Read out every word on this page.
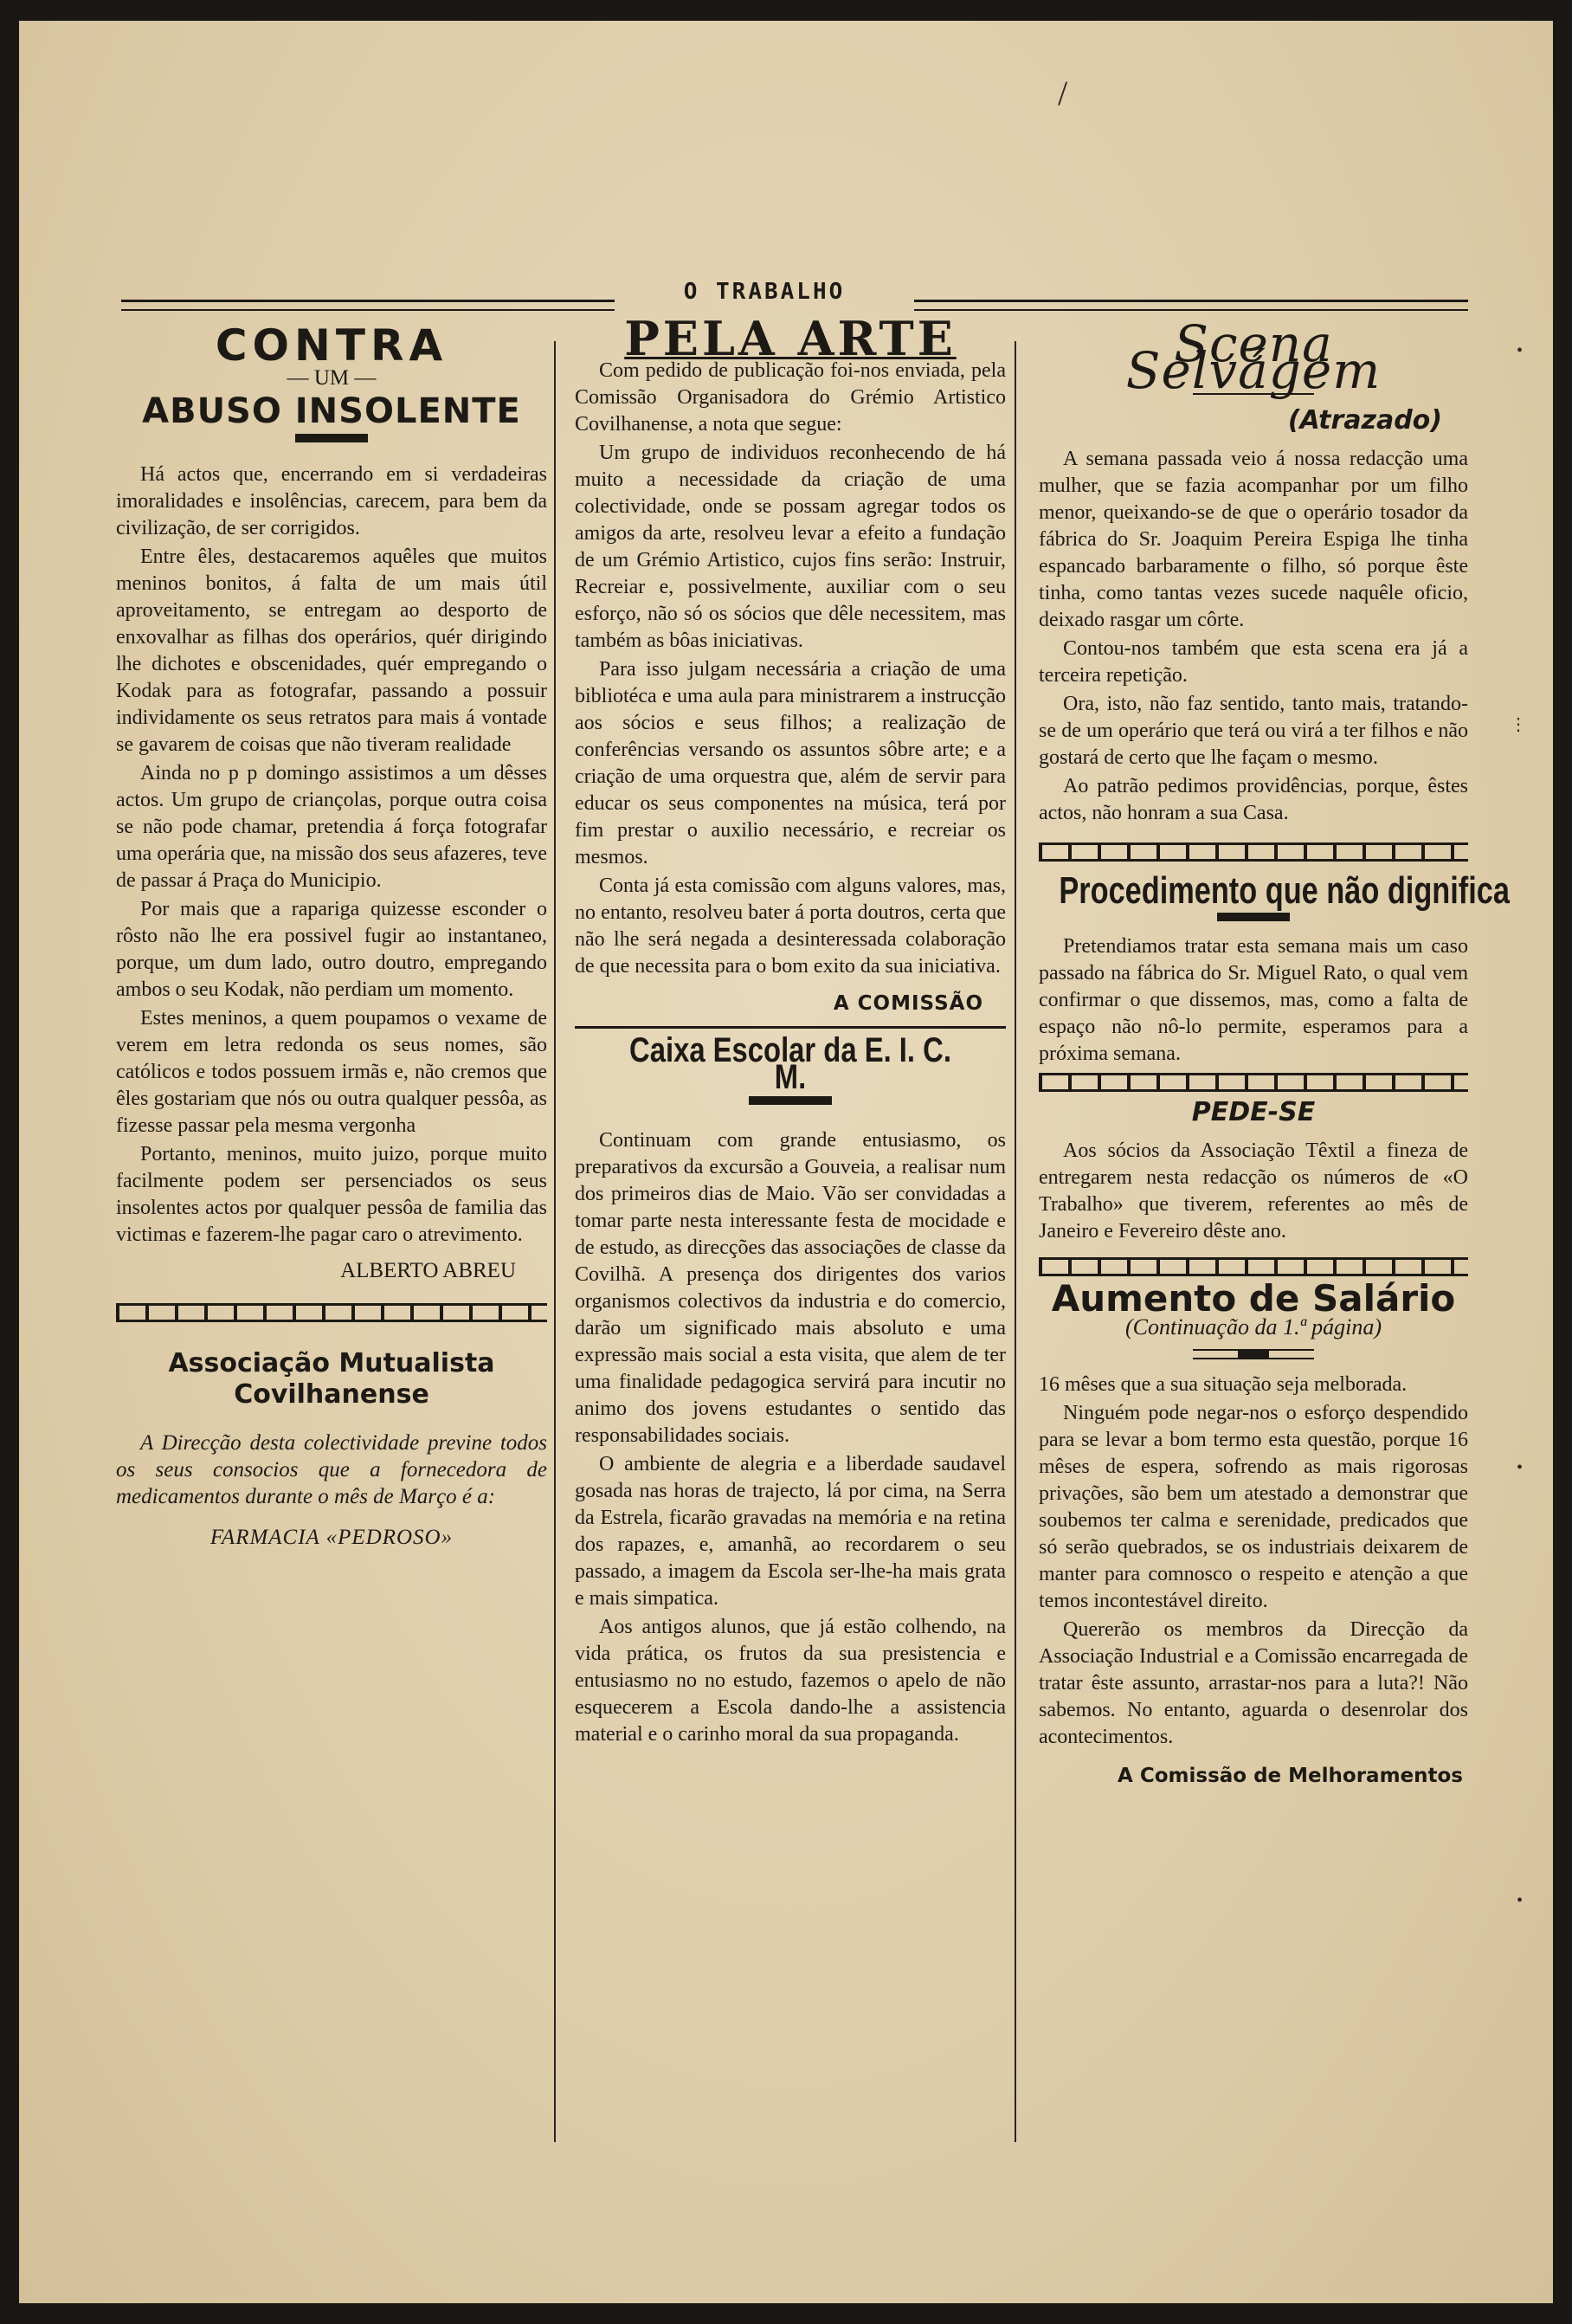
/
•
⋮
•
•
O TRABALHO
CONTRA
— UM —
ABUSO INSOLENTE

Há actos que, encerrando em si verdadeiras imoralidades e insolências, carecem, para bem da civilização, de ser corrigidos.

Entre êles, destacaremos aquêles que muitos meninos bonitos, á falta de um mais útil aproveitamento, se entregam ao desporto de enxovalhar as filhas dos operários, quér dirigindo lhe dichotes e obscenidades, quér empregando o Kodak para as fotografar, passando a possuir individamente os seus retratos para mais á vontade se gavarem de coisas que não tiveram realidade

Ainda no p p domingo assistimos a um dêsses actos. Um grupo de criançolas, porque outra coisa se não pode chamar, pretendia á força fotografar uma operária que, na missão dos seus afazeres, teve de passar á Praça do Municipio.

Por mais que a rapariga quizesse esconder o rôsto não lhe era possivel fugir ao instantaneo, porque, um dum lado, outro doutro, empregando ambos o seu Kodak, não perdiam um momento.

Estes meninos, a quem poupamos o vexame de verem em letra redonda os seus nomes, são católicos e todos possuem irmãs e, não cremos que êles gostariam que nós ou outra qualquer pessôa, as fizesse passar pela mesma vergonha

Portanto, meninos, muito juizo, porque muito facilmente podem ser persenciados os seus insolentes actos por qualquer pessôa de familia das victimas e fazerem-lhe pagar caro o atrevimento.

ALBERTO ABREU
Associação Mutualista Covilhanense

A Direcção desta colectividade previne todos os seus consocios que a fornecedora de medicamentos durante o mês de Março é a:

FARMACIA «PEDROSO»

PELA ARTE

Com pedido de publicação foi-nos enviada, pela Comissão Organisadora do Grémio Artistico Covilhanense, a nota que segue:

Um grupo de individuos reconhecendo de há muito a necessidade da criação de uma colectividade, onde se possam agregar todos os amigos da arte, resolveu levar a efeito a fundação de um Grémio Artistico, cujos fins serão: Instruir, Recreiar e, possivelmente, auxiliar com o seu esforço, não só os sócios que dêle necessitem, mas também as bôas iniciativas.

Para isso julgam necessária a criação de uma bibliotéca e uma aula para ministrarem a instrucção aos sócios e seus filhos; a realização de conferências versando os assuntos sôbre arte; e a criação de uma orquestra que, além de servir para educar os seus componentes na música, terá por fim prestar o auxilio necessário, e recreiar os mesmos.

Conta já esta comissão com alguns valores, mas, no entanto, resolveu bater á porta doutros, certa que não lhe será negada a desinteressada colaboração de que necessita para o bom exito da sua iniciativa.

A COMISSÃO
Caixa Escolar da E. I. C. M.

Continuam com grande entusiasmo, os preparativos da excursão a Gouveia, a realisar num dos primeiros dias de Maio. Vão ser convidadas a tomar parte nesta interessante festa de mocidade e de estudo, as direcções das associações de classe da Covilhã. A presença dos dirigentes dos varios organismos colectivos da industria e do comercio, darão um significado mais absoluto e uma expressão mais social a esta visita, que alem de ter uma finalidade pedagogica servirá para incutir no animo dos jovens estudantes o sentido das responsabilidades sociais.

O ambiente de alegria e a liberdade saudavel gosada nas horas de trajecto, lá por cima, na Serra da Estrela, ficarão gravadas na memória e na retina dos rapazes, e, amanhã, ao recordarem o seu passado, a imagem da Escola ser-lhe-ha mais grata e mais simpatica.

Aos antigos alunos, que já estão colhendo, na vida prática, os frutos da sua presistencia e entusiasmo no no estudo, fazemos o apelo de não esquecerem a Escola dando-lhe a assistencia material e o carinho moral da sua propaganda.

Scena Selvágem
(Atrazado)

A semana passada veio á nossa redacção uma mulher, que se fazia acompanhar por um filho menor, queixando-se de que o operário tosador da fábrica do Sr. Joaquim Pereira Espiga lhe tinha espancado barbaramente o filho, só porque êste tinha, como tantas vezes sucede naquêle oficio, deixado rasgar um côrte.

Contou-nos também que esta scena era já a terceira repetição.

Ora, isto, não faz sentido, tanto mais, tratando-se de um operário que terá ou virá a ter filhos e não gostará de certo que lhe façam o mesmo.

Ao patrão pedimos providências, porque, êstes actos, não honram a sua Casa.

Procedimento que não dignifica

Pretendiamos tratar esta semana mais um caso passado na fábrica do Sr. Miguel Rato, o qual vem confirmar o que dissemos, mas, como a falta de espaço não nô-lo permite, esperamos para a próxima semana.

PEDE-SE

Aos sócios da Associação Têxtil a fineza de entregarem nesta redacção os números de «O Trabalho» que tiverem, referentes ao mês de Janeiro e Fevereiro dêste ano.

Aumento de Salário
(Continuação da 1.ª página)

16 mêses que a sua situação seja melborada.

Ninguém pode negar-nos o esforço despendido para se levar a bom termo esta questão, porque 16 mêses de espera, sofrendo as mais rigorosas privações, são bem um atestado a demonstrar que soubemos ter calma e serenidade, predicados que só serão quebrados, se os industriais deixarem de manter para comnosco o respeito e atenção a que temos incontestável direito.

Quererão os membros da Direcção da Associação Industrial e a Comissão encarregada de tratar êste assunto, arrastar-nos para a luta?! Não sabemos. No entanto, aguarda o desenrolar dos acontecimentos.

A Comissão de Melhoramentos
